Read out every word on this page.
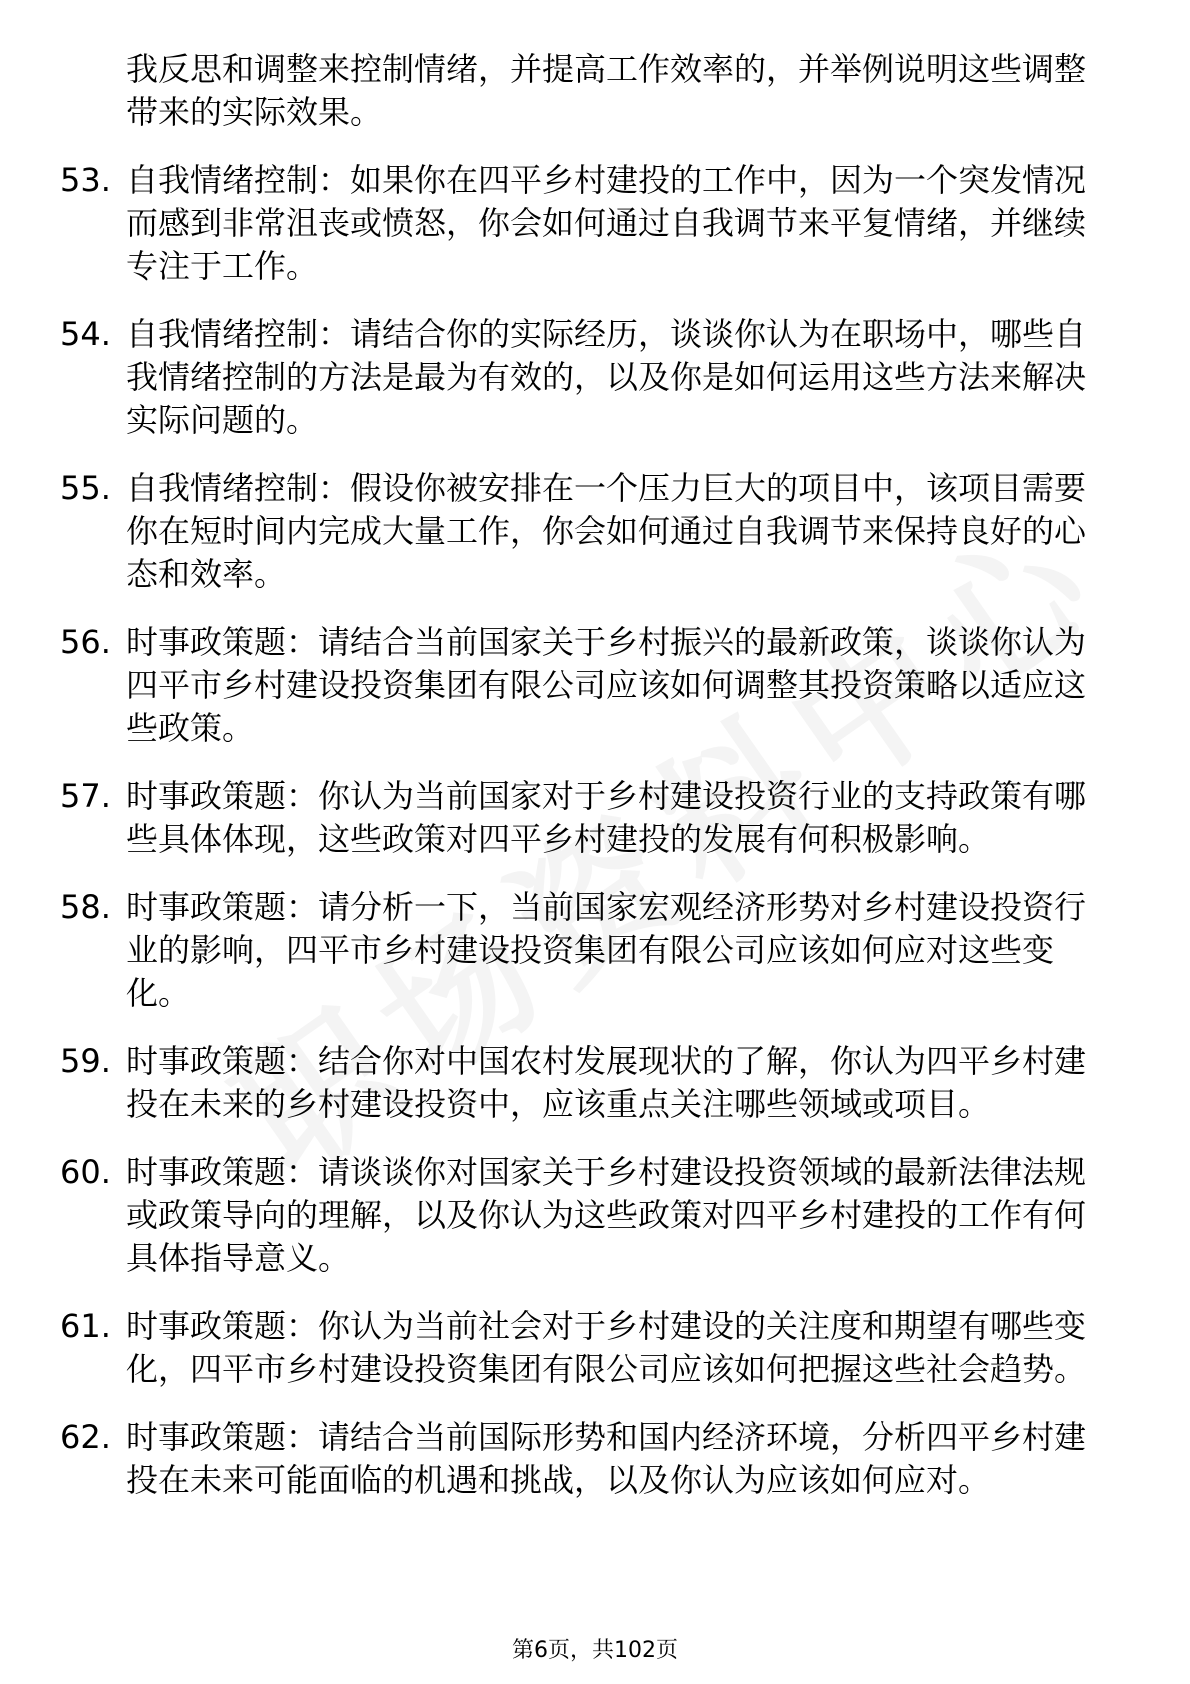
我反思和调整来控制情绪，并提高工作效率的，并举例说明这些调整带来的实际效果。
53. 自我情绪控制：如果你在四平乡村建投的工作中，因为一个突发情况而感到非常沮丧或愤怒，你会如何通过自我调节来平复情绪，并继续专注于工作。
54. 自我情绪控制：请结合你的实际经历，谈谈你认为在职场中，哪些自我情绪控制的方法是最为有效的，以及你是如何运用这些方法来解决实际问题的。
55. 自我情绪控制：假设你被安排在一个压力巨大的项目中，该项目需要你在短时间内完成大量工作，你会如何通过自我调节来保持良好的心态和效率。
56. 时事政策题：请结合当前国家关于乡村振兴的最新政策，谈谈你认为四平市乡村建设投资集团有限公司应该如何调整其投资策略以适应这些政策。
57. 时事政策题：你认为当前国家对于乡村建设投资行业的支持政策有哪些具体体现，这些政策对四平乡村建投的发展有何积极影响。
58. 时事政策题：请分析一下，当前国家宏观经济形势对乡村建设投资行业的影响，四平市乡村建设投资集团有限公司应该如何应对这些变化。
59. 时事政策题：结合你对中国农村发展现状的了解，你认为四平乡村建投在未来的乡村建设投资中，应该重点关注哪些领域或项目。
60. 时事政策题：请谈谈你对国家关于乡村建设投资领域的最新法律法规或政策导向的理解，以及你认为这些政策对四平乡村建投的工作有何具体指导意义。
61. 时事政策题：你认为当前社会对于乡村建设的关注度和期望有哪些变化，四平市乡村建设投资集团有限公司应该如何把握这些社会趋势。
62. 时事政策题：请结合当前国际形势和国内经济环境，分析四平乡村建投在未来可能面临的机遇和挑战，以及你认为应该如何应对。
第6页，共102页
